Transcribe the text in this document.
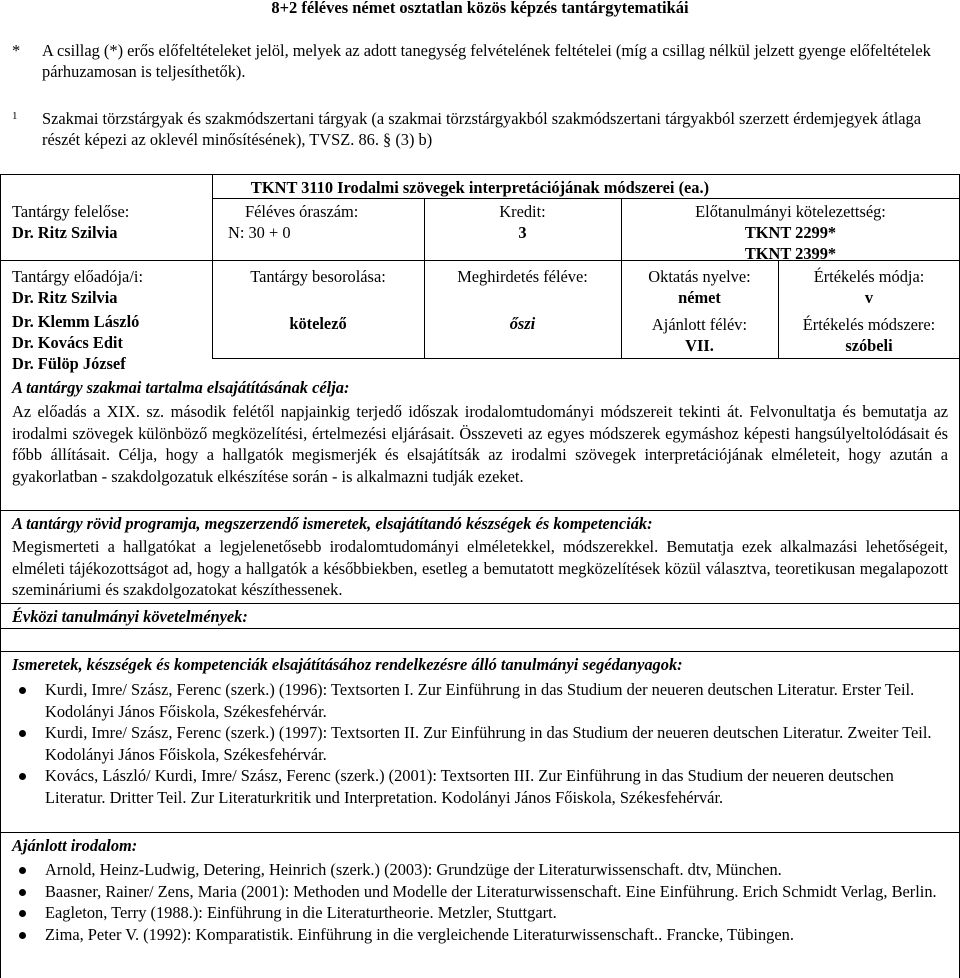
8+2 féléves német osztatlan közös képzés tantárgytematikái
* A csillag (*) erős előfeltételeket jelöl, melyek az adott tanegység felvételének feltételei (míg a csillag nélkül jelzett gyenge előfeltételek párhuzamosan is teljesíthetők).
1 Szakmai törzstárgyak és szakmódszertani tárgyak (a szakmai törzstárgyakból szakmódszertani tárgyakból szerzett érdemjegyek átlaga részét képezi az oklevél minősítésének), TVSZ. 86. § (3) b)
TKNT 3110 Irodalmi szövegek interpretációjának módszerei (ea.)
Tantárgy felelőse:
Dr. Ritz Szilvia
Féléves óraszám:
N: 30 + 0
Kredit:
3
Előtanulmányi kötelezettség:
TKNT 2299*
TKNT 2399*
Tantárgy előadója/i:
Dr. Ritz Szilvia
Dr. Klemm László
Dr. Kovács Edit
Dr. Fülöp József
Tantárgy besorolása:
kötelező
Meghirdetés féléve:
őszi
Oktatás nyelve:
német
Ajánlott félév:
VII.
Értékelés módja:
v
Értékelés módszere:
szóbeli
A tantárgy szakmai tartalma elsajátításának célja:
Az előadás a XIX. sz. második felétől napjainkig terjedő időszak irodalomtudományi módszereit tekinti át. Felvonultatja és bemutatja az irodalmi szövegek különböző megközelítési, értelmezési eljárásait. Összeveti az egyes módszerek egymáshoz képesti hangsúlyeltolódásait és főbb állításait. Célja, hogy a hallgatók megismerjék és elsajátítsák az irodalmi szövegek interpretációjának elméleteit, hogy azután a gyakorlatban - szakdolgozatuk elkészítése során - is alkalmazni tudják ezeket.
A tantárgy rövid programja, megszerzendő ismeretek, elsajátítandó készségek és kompetenciák:
Megismerteti a hallgatókat a legjelenetősebb irodalomtudományi elméletekkel, módszerekkel. Bemutatja ezek alkalmazási lehetőségeit, elméleti tájékozottságot ad, hogy a hallgatók a későbbiekben, esetleg a bemutatott megközelítések közül választva, teoretikusan megalapozott szemináriumi és szakdolgozatokat készíthessenek.
Évközi tanulmányi követelmények:
Ismeretek, készségek és kompetenciák elsajátításához rendelkezésre álló tanulmányi segédanyagok:
Kurdi, Imre/ Szász, Ferenc (szerk.) (1996): Textsorten I. Zur Einführung in das Studium der neueren deutschen Literatur. Erster Teil. Kodolányi János Főiskola, Székesfehérvár.
Kurdi, Imre/ Szász, Ferenc (szerk.) (1997): Textsorten II. Zur Einführung in das Studium der neueren deutschen Literatur. Zweiter Teil. Kodolányi János Főiskola, Székesfehérvár.
Kovács, László/ Kurdi, Imre/ Szász, Ferenc (szerk.) (2001): Textsorten III. Zur Einführung in das Studium der neueren deutschen Literatur. Dritter Teil. Zur Literaturkritik und Interpretation. Kodolányi János Főiskola, Székesfehérvár.
Ajánlott irodalom:
Arnold, Heinz-Ludwig, Detering, Heinrich (szerk.) (2003): Grundzüge der Literaturwissenschaft. dtv, München.
Baasner, Rainer/ Zens, Maria (2001): Methoden und Modelle der Literaturwissenschaft. Eine Einführung. Erich Schmidt Verlag, Berlin.
Eagleton, Terry (1988.): Einführung in die Literaturtheorie. Metzler, Stuttgart.
Zima, Peter V. (1992): Komparatistik. Einführung in die vergleichende Literaturwissenschaft.. Francke, Tübingen.
